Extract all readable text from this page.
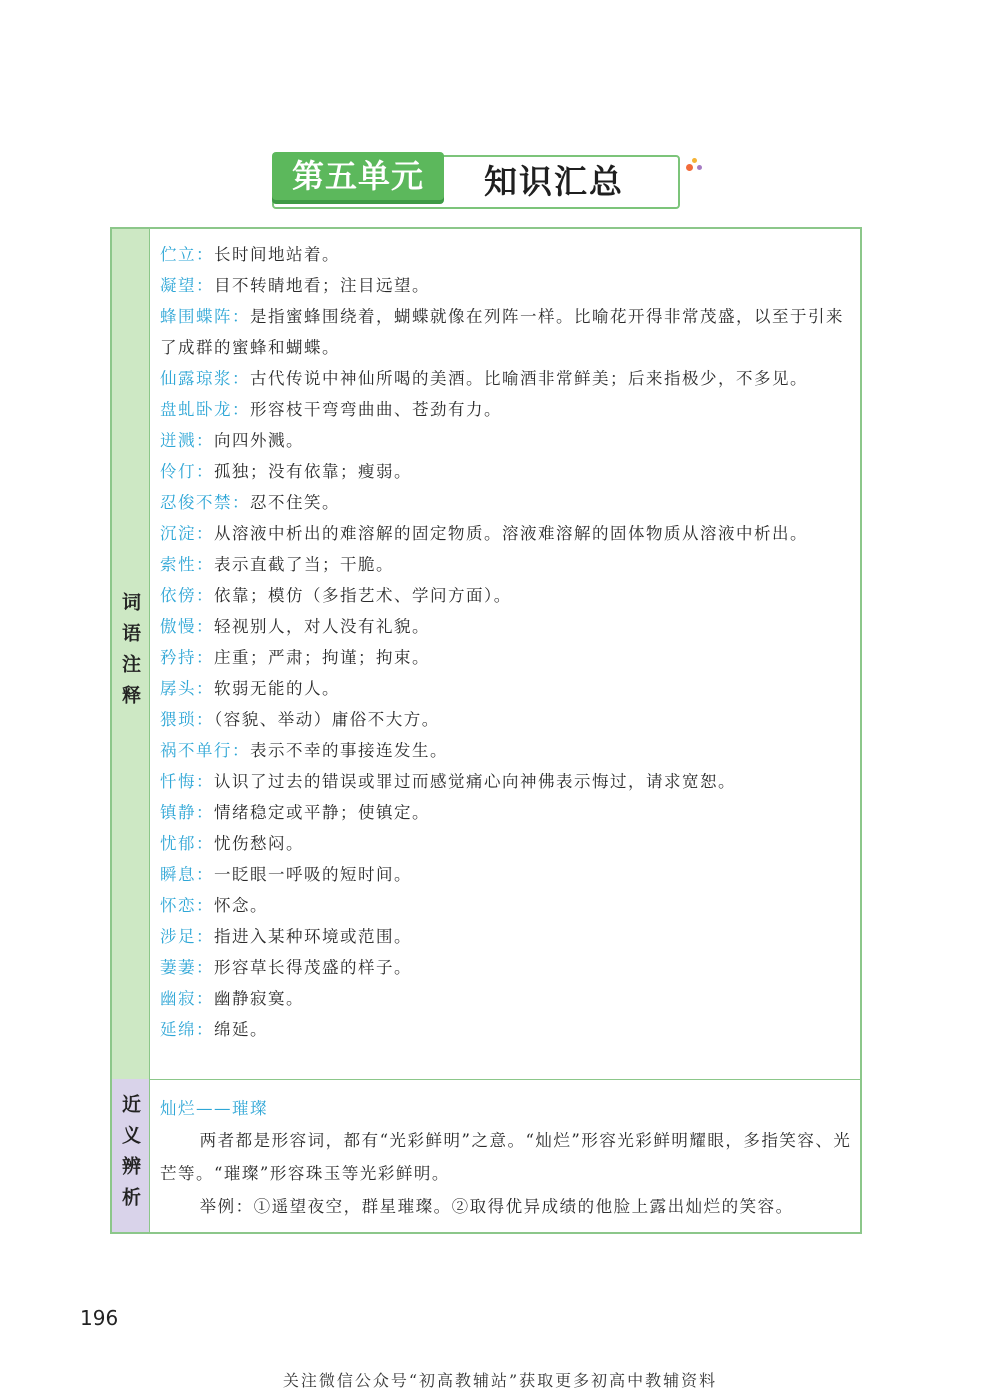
第五单元	知识汇总
词语注释
伫立：长时间地站着。
凝望：目不转睛地看；注目远望。
蜂围蝶阵：是指蜜蜂围绕着，蝴蝶就像在列阵一样。比喻花开得非常茂盛，以至于引来了成群的蜜蜂和蝴蝶。
仙露琼浆：古代传说中神仙所喝的美酒。比喻酒非常鲜美；后来指极少，不多见。
盘虬卧龙：形容枝干弯弯曲曲、苍劲有力。
迸溅：向四外溅。
伶仃：孤独；没有依靠；瘦弱。
忍俊不禁：忍不住笑。
沉淀：从溶液中析出的难溶解的固定物质。溶液难溶解的固体物质从溶液中析出。
索性：表示直截了当；干脆。
依傍：依靠；模仿（多指艺术、学问方面）。
傲慢：轻视别人，对人没有礼貌。
矜持：庄重；严肃；拘谨；拘束。
孱头：软弱无能的人。
猥琐：（容貌、举动）庸俗不大方。
祸不单行：表示不幸的事接连发生。
忏悔：认识了过去的错误或罪过而感觉痛心向神佛表示悔过，请求宽恕。
镇静：情绪稳定或平静；使镇定。
忧郁：忧伤愁闷。
瞬息：一眨眼一呼吸的短时间。
怀恋：怀念。
涉足：指进入某种环境或范围。
萋萋：形容草长得茂盛的样子。
幽寂：幽静寂寞。
延绵：绵延。
近义辨析 灿烂——璀璨
两者都是形容词，都有“光彩鲜明”之意。“灿烂”形容光彩鲜明耀眼，多指笑容、光芒等。“璀璨”形容珠玉等光彩鲜明。
举例：①遥望夜空，群星璀璨。②取得优异成绩的他脸上露出灿烂的笑容。
196
关注微信公众号“初高教辅站”获取更多初高中教辅资料
